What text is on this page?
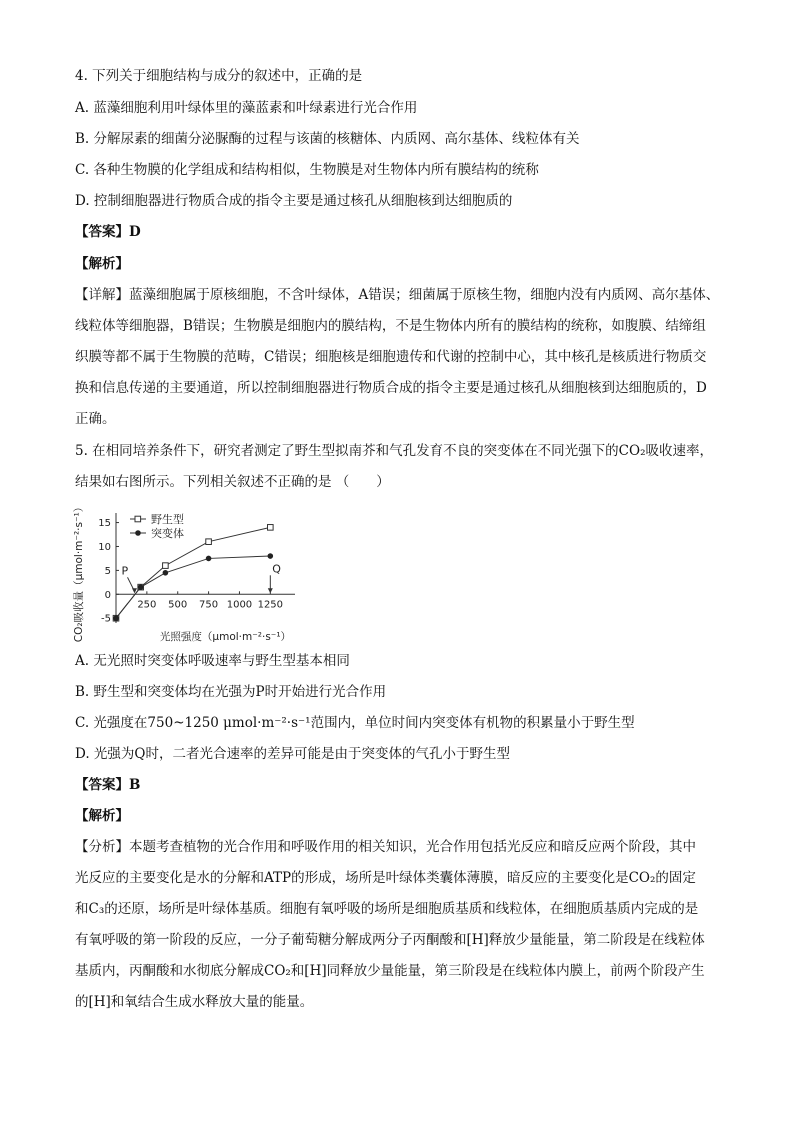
4. 下列关于细胞结构与成分的叙述中，正确的是
A. 蓝藻细胞利用叶绿体里的藻蓝素和叶绿素进行光合作用
B. 分解尿素的细菌分泌脲酶的过程与该菌的核糖体、内质网、高尔基体、线粒体有关
C. 各种生物膜的化学组成和结构相似，生物膜是对生物体内所有膜结构的统称
D. 控制细胞器进行物质合成的指令主要是通过核孔从细胞核到达细胞质的
【答案】D
【解析】
【详解】蓝藻细胞属于原核细胞，不含叶绿体，A错误；细菌属于原核生物，细胞内没有内质网、高尔基体、
线粒体等细胞器，B错误；生物膜是细胞内的膜结构，不是生物体内所有的膜结构的统称，如腹膜、结缔组
织膜等都不属于生物膜的范畴，C错误；细胞核是细胞遗传和代谢的控制中心，其中核孔是核质进行物质交
换和信息传递的主要通道，所以控制细胞器进行物质合成的指令主要是通过核孔从细胞核到达细胞质的，D
正确。
5. 在相同培养条件下，研究者测定了野生型拟南芥和气孔发育不良的突变体在不同光强下的CO₂吸收速率，
结果如右图所示。下列相关叙述不正确的是 （　　）
-5
0
5
10
15
250 500 750 1000 1250
野生型
突变体
P	Q
光照强度（μmol·m⁻²·s⁻¹）
CO₂吸收量（μmol·m⁻²·s⁻¹）
A. 无光照时突变体呼吸速率与野生型基本相同
B. 野生型和突变体均在光强为P时开始进行光合作用
C. 光强度在750~1250 μmol·m⁻²·s⁻¹范围内，单位时间内突变体有机物的积累量小于野生型
D. 光强为Q时，二者光合速率的差异可能是由于突变体的气孔小于野生型
【答案】B
【解析】
【分析】本题考查植物的光合作用和呼吸作用的相关知识，光合作用包括光反应和暗反应两个阶段，其中
光反应的主要变化是水的分解和ATP的形成，场所是叶绿体类囊体薄膜，暗反应的主要变化是CO₂的固定
和C₃的还原，场所是叶绿体基质。细胞有氧呼吸的场所是细胞质基质和线粒体，在细胞质基质内完成的是
有氧呼吸的第一阶段的反应，一分子葡萄糖分解成两分子丙酮酸和[H]释放少量能量，第二阶段是在线粒体
基质内，丙酮酸和水彻底分解成CO₂和[H]同释放少量能量，第三阶段是在线粒体内膜上，前两个阶段产生
的[H]和氧结合生成水释放大量的能量。
